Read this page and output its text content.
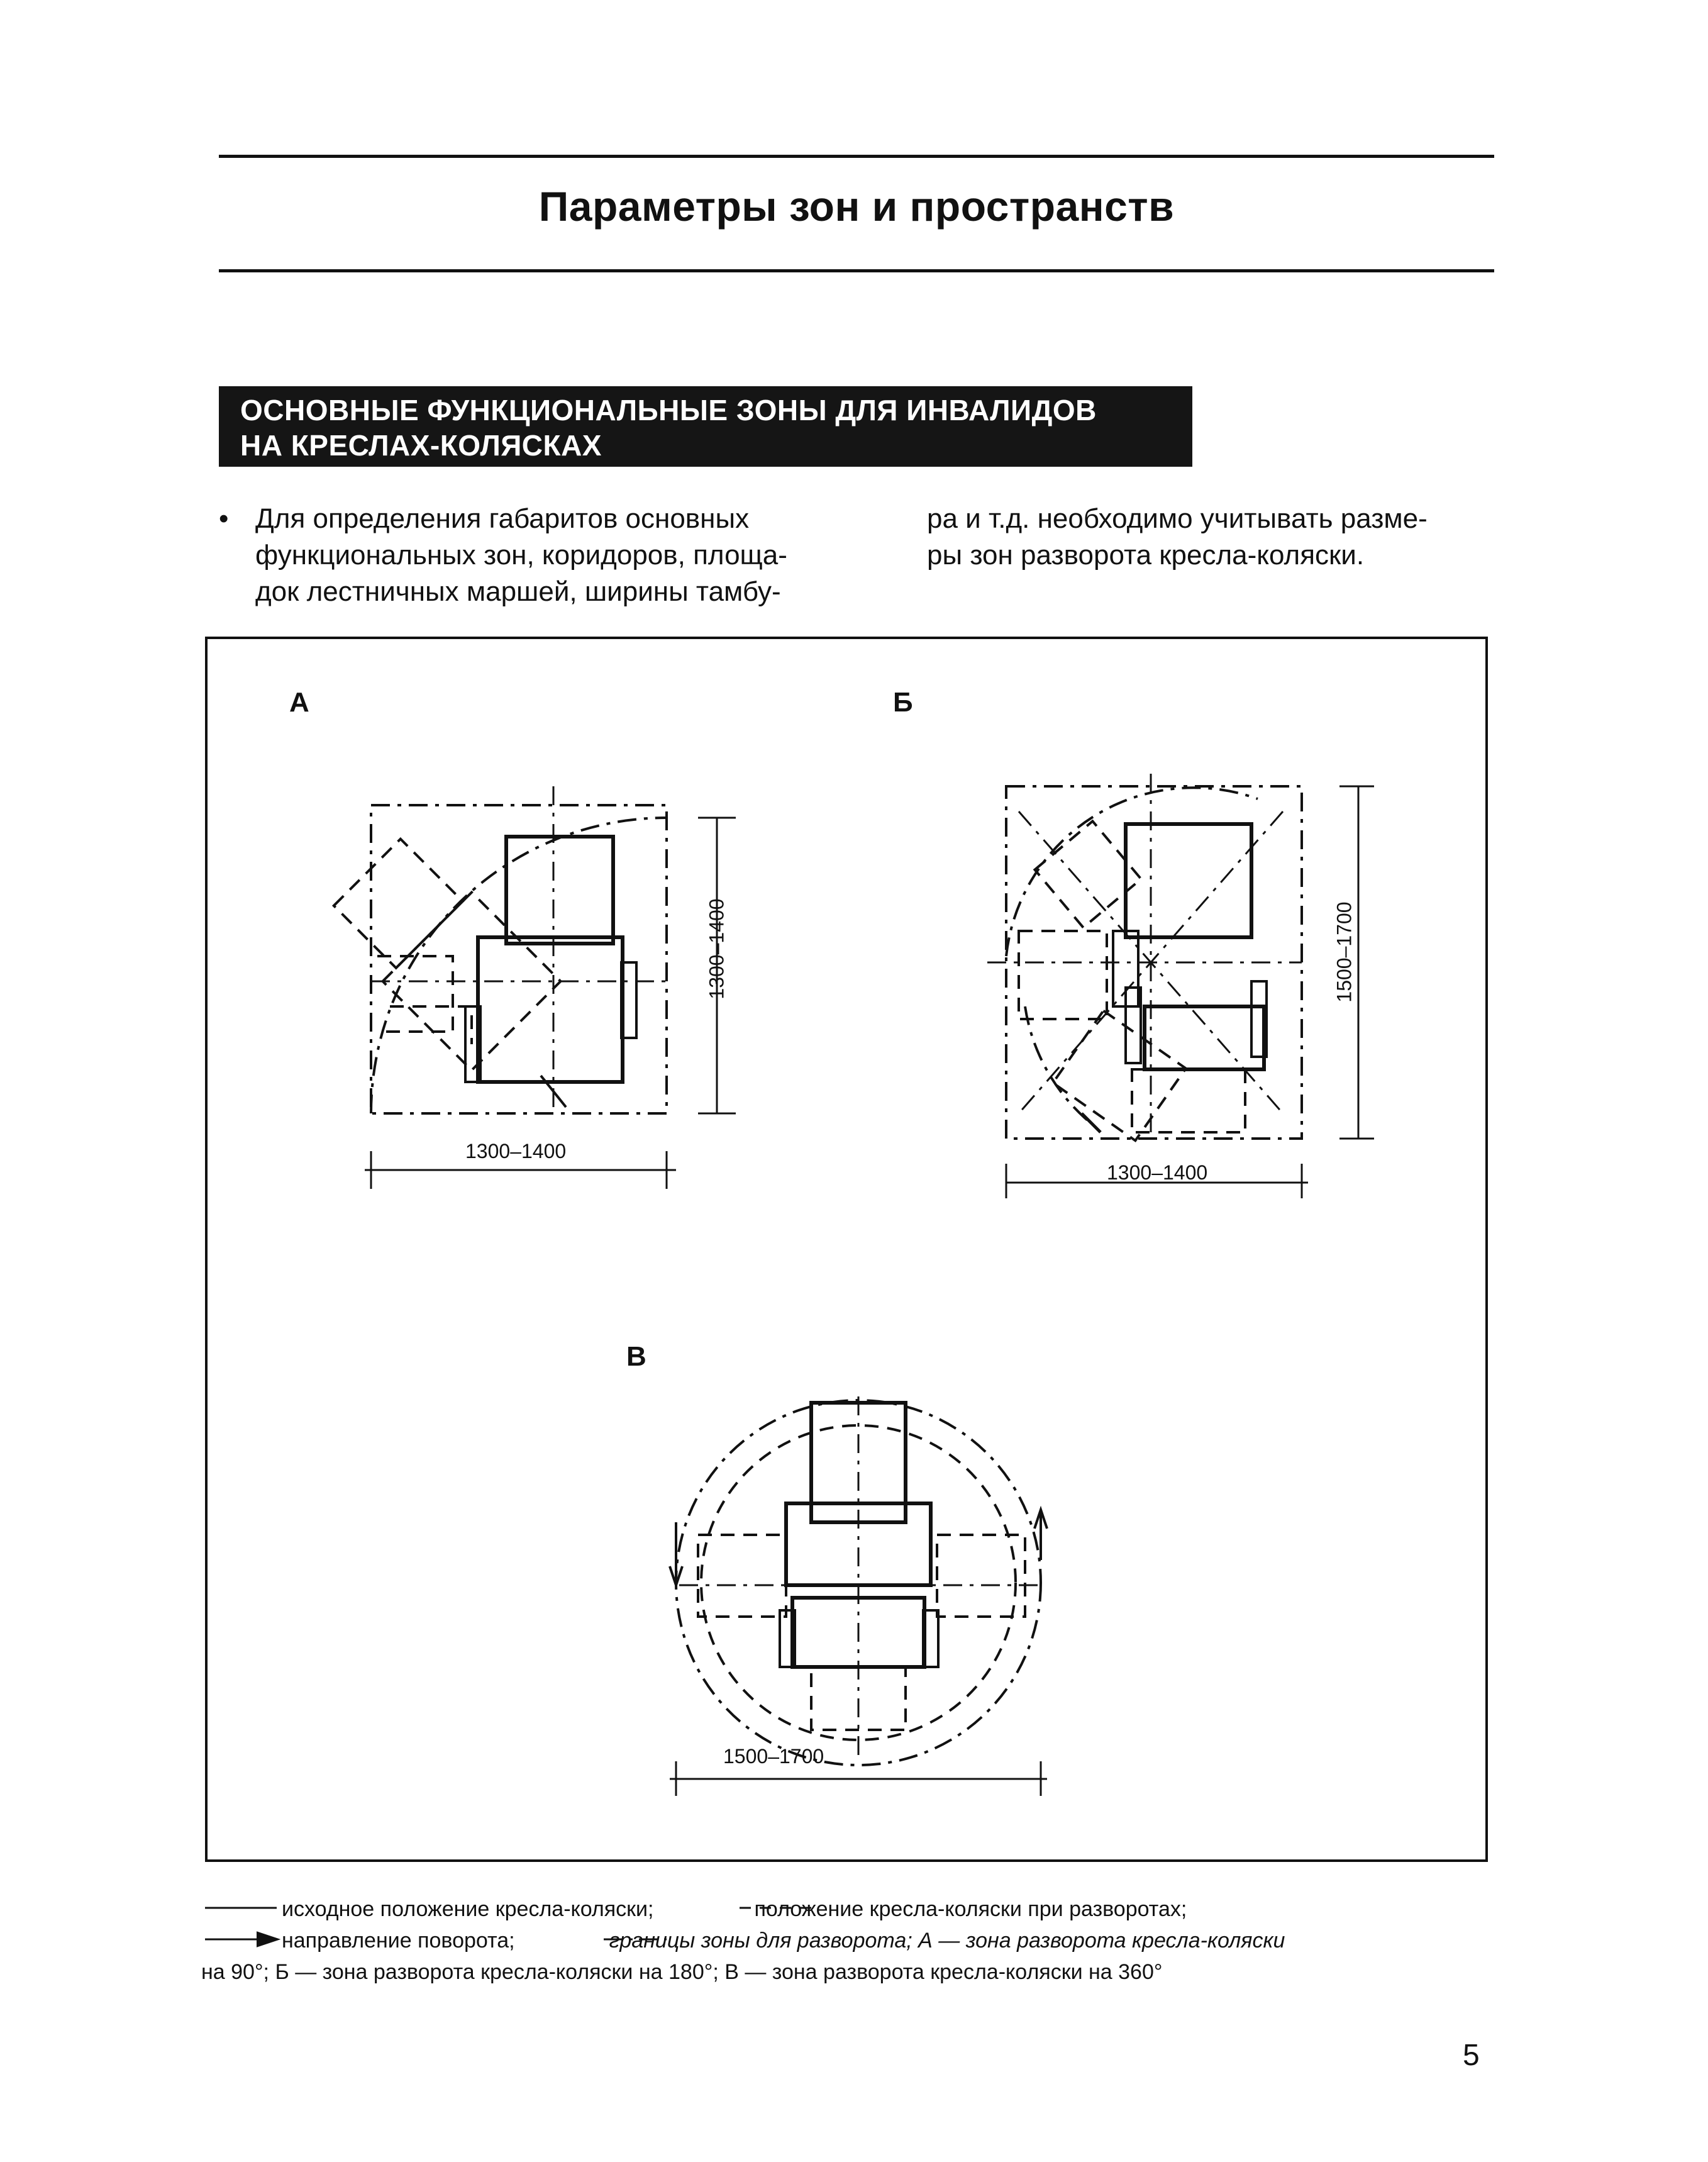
Параметры зон и пространств
ОСНОВНЫЕ ФУНКЦИОНАЛЬНЫЕ ЗОНЫ ДЛЯ ИНВАЛИДОВ
НА КРЕСЛАХ-КОЛЯСКАХ
• Для определения габаритов основных

функциональных зон, коридоров, площа-

док лестничных маршей, ширины тамбу-

ра и т.д. необходимо учитывать разме-

ры зон разворота кресла-коляски.

А	Б
В
1300–1400
1300–1400
1300–1400
1500–1700
1500–1700
исходное положение кресла-коляски;	положение кресла-коляски при разворотах;
направление поворота;	границы зоны для разворота; А — зона разворота кресла-коляски
на 90°; Б — зона разворота кресла-коляски на 180°; В — зона разворота кресла-коляски на 360°
5
